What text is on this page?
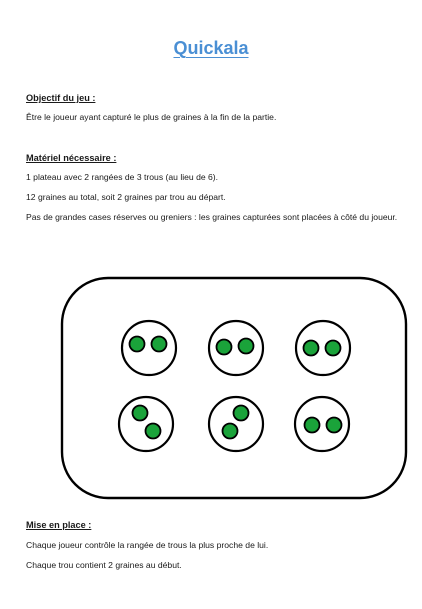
Quickala
Objectif du jeu :
Être le joueur ayant capturé le plus de graines à la fin de la partie.
Matériel nécessaire :
1 plateau avec 2 rangées de 3 trous (au lieu de 6).
12 graines au total, soit 2 graines par trou au départ.
Pas de grandes cases réserves ou greniers : les graines capturées sont placées à côté du joueur.
Mise en place :
Chaque joueur contrôle la rangée de trous la plus proche de lui.
Chaque trou contient 2 graines au début.
